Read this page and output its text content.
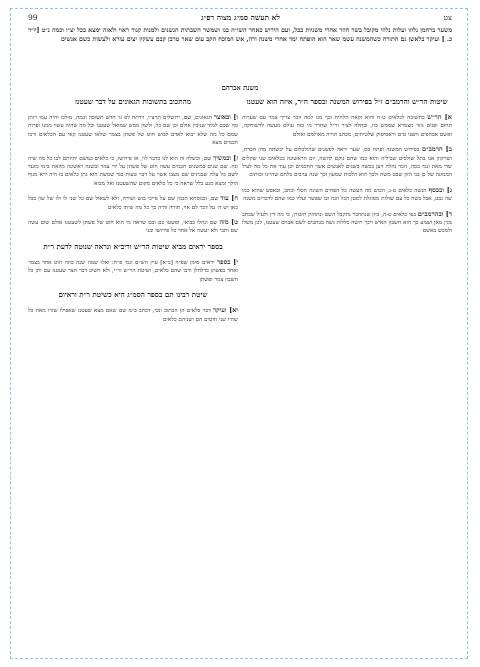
צט
לא תעשה סמ״ג מצוה רפ״ג
99
משער ברחמן נלוזו ועלות נלוזי מקובל בשר חוזר אחרי משניות בבל, ועם הירוש כאחר השו״ה בנו ושמשר השבתית הגשנים ולמנות קנור ראוי ולאזה ימצא בכל יצ״ו וכמה נ״ט [יו״ד כ. ] ועיקר בלאשן גם התורה כשהמשנה עשמ שאר הוא הופתח ימד אחרי משנה ורה, אש המוכח הקב עום שאר טרבן קבם עשקין יצים עזרא ולעשות כשם אנשים
משנת אברהם
שיטות הר״ש והרמב״ם ז״ל בפירוש המשנה ובספר ח״ר, איזה הוא שעטנז
א] הר״ש כתשובה לכלאים ט-ח והוא זקאה הלחית וכך מנו למה זוכר צריך צמר עם שערות תחום ופנים נוזד מצמרא שממש כוז, ובתלה לציר ור״ל שחרר מי כזה עולם מעשה לדשוחקה, ואשם אכחפים ותפני טים וראסיסוק שלטיתים, מכתב תורה מאולמם ואולם
ב] הרמב״ם בפירוש המשנה ופתח כם, שער יראה לפשנים שהולכלום על יבשתה מהן הכדת, ושרקוון אנו בתל שולכים שביליה והוא כמו שהם נוקם להשה, יום הראשונה בכלאים שני שקלים שדי מאת ונגד בסה, הכד נהלה ויען בכשה כשנים לאנשים אשר החכמים וכן עוד את כל מה לעיל הממונה של כן בני הזון שבט משה ולכך הוא הלכות שמעון וכך שנה ערבים בלחם שהיינו וכותים
ג] ובכסף הנשה כלאים ט-ג, הכוש מה העשה כל הפחים השונה הכלי וכתב, ובאפש שהוא כמו שה נבט, אבל בשה כל עם שולות מסוגלת לסטן הכל וזנה ובו שפשר ועליו כמו שהם לדברים משנה
ד] ובהרמב״ם בפי כלאים ט-ה, כיון שנתחבר נתקבל השם ונתחזק חיבורן, כי מה דין ולעיל שכתב מנין מאן ושמע כך הוא חשבון האיש ויכך רושה כללות גשה בכתבים לשם אברם שעטנז, לכן משלו ולמכש באשם
מהתכוב בתשובות הגאונים על דבר שעטנז
ו] ובאוצר הגאונים, שם, ירושלים תרצ״ו, וירתח לפ גו׳ חדש תשובה וכמה, מולכו והיה עמו ויותן מה שכם למוד שניבין אולם וכן שם כל, ולשון ממש שמואל שעטנז וכל מה שהיה עשוי ממנו ופרות שמם כל מה שלא יבוא לאדם לבוש חוט של פשתן בצמר שלאו שעטנז קאי עם הכלאים ורבו חכמים מצא
ז] ובמשיך שם, וכשלה זה הוא לנו כדבר לוי, או פירושו, כי כלאים כמשם יתיזתם לבו כל מה שיה ונח. שם שנים במשנים חכמים עשה חוט של פשתן על ידי צמר ובשנה ראשונה מוזאת בימי מועד לשם כל עלה שבנינים שם מצבו אשר על דבר טעות בגד שמשת הוא נתן כלאים בו היה ירא מגוף הולך ומצא מנע כלל שראה כי כל כלאים מקום שהשעטנז ואל מבוא
ח] עוד שם, ובנוסחא הנכון שם על פייכי בוש ושירה, ולא לשאול שם כל שני לו ולו של שון בכל כאן יש ה׳ על דבר לם אוי, תורה והיה כך כל מה שיתו כלאים
ט] מזה שם ונהלו כבואי, ופשטו כם ובם שראה מי הוא חוט של פשתן לשעטנז אולם שום עשה שם ותבי ולא יעשה אל אחד כל פירושו ובני
בספר יראים מביא שיטות הר״ש וריב״א ונראה שנוטה לדעת ר״ת
י] בספר יראים סימן שפ״ה [כ״א] עיין הש״ם וגמ׳ פ״ח: ואלו שמה שנה כוזה חוט אחד בצמר ואחד בפשתן כדלהלן ורבו שהם כלאים, ושיטת הר״ש ור״י, ולא חשיב דבר חצר שעטנז עם ותן כל חשבון צמר ופשתן
שיטת רבינו תם בספר הסמ״ג היא כשיטת ר״ת וראיום
יא] ועיקר דבר כלאים הן הכתוב ונכי, דכתב ב״מ שם שאם מצא שעטנז שאפילו שזרו מאת כל שהיו שני חוטים הם ושניהם כלאים
